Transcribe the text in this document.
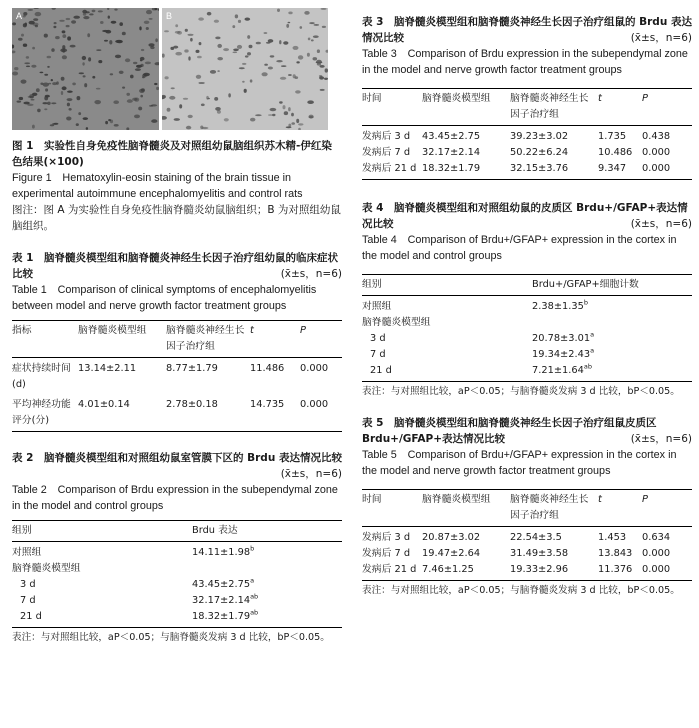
A	B
图 1　实验性自身免疫性脑脊髓炎及对照组幼鼠脑组织苏木精-伊红染色结果(×100)
Figure 1　Hematoxylin-eosin staining of the brain tissue in experimental autoimmune encephalomyelitis and control rats
图注：图 A 为实验性自身免疫性脑脊髓炎幼鼠脑组织；B 为对照组幼鼠脑组织。
表 1　脑脊髓炎模型组和脑脊髓炎神经生长因子治疗组幼鼠的临床症状比较	(x̄±s，n=6)
Table 1　Comparison of clinical symptoms of encephalomyelitis between model and nerve growth factor treatment groups
指标	脑脊髓炎模型组	脑脊髓炎神经生长因子治疗组	t	P
症状持续时间(d)	13.14±2.11	8.77±1.79	11.486	0.000
平均神经功能评分(分)	4.01±0.14	2.78±0.18	14.735	0.000
表 2　脑脊髓炎模型组和对照组幼鼠室管膜下区的 Brdu 表达情况比较
(x̄±s，n=6)
Table 2　Comparison of Brdu expression in the subependymal zone in the model and control groups
组别	Brdu 表达
对照组	14.11±1.98$^b$
脑脊髓炎模型组	
3 d	43.45±2.75$^a$
7 d	32.17±2.14$^{ab}$
21 d	18.32±1.79$^{ab}$
表注：与对照组比较，aP＜0.05；与脑脊髓炎发病 3 d 比较，bP＜0.05。
表 3　脑脊髓炎模型组和脑脊髓炎神经生长因子治疗组鼠的 Brdu 表达情况比较	(x̄±s，n=6)
Table 3　Comparison of Brdu expression in the subependymal zone in the model and nerve growth factor treatment groups
时间	脑脊髓炎模型组	脑脊髓炎神经生长因子治疗组	t	P
发病后 3 d	43.45±2.75	39.23±3.02	1.735	0.438
发病后 7 d	32.17±2.14	50.22±6.24	10.486	0.000
发病后 21 d	18.32±1.79	32.15±3.76	9.347	0.000
表 4　脑脊髓炎模型组和对照组幼鼠的皮质区 Brdu+/GFAP+表达情况比较	(x̄±s，n=6)
Table 4　Comparison of Brdu+/GFAP+ expression in the cortex in the model and control groups
组别	Brdu+/GFAP+细胞计数
对照组	2.38±1.35$^b$
脑脊髓炎模型组	
3 d	20.78±3.01$^a$
7 d	19.34±2.43$^a$
21 d	7.21±1.64$^{ab}$
表注：与对照组比较，aP＜0.05；与脑脊髓炎发病 3 d 比较，bP＜0.05。
表 5　脑脊髓炎模型组和脑脊髓炎神经生长因子治疗组鼠皮质区 Brdu+/GFAP+表达情况比较	(x̄±s，n=6)
Table 5　Comparison of Brdu+/GFAP+ expression in the cortex in the model and nerve growth factor treatment groups
时间	脑脊髓炎模型组	脑脊髓炎神经生长因子治疗组	t	P
发病后 3 d	20.87±3.02	22.54±3.5	1.453	0.634
发病后 7 d	19.47±2.64	31.49±3.58	13.843	0.000
发病后 21 d	7.46±1.25	19.33±2.96	11.376	0.000
表注：与对照组比较，aP＜0.05；与脑脊髓炎发病 3 d 比较，bP＜0.05。
